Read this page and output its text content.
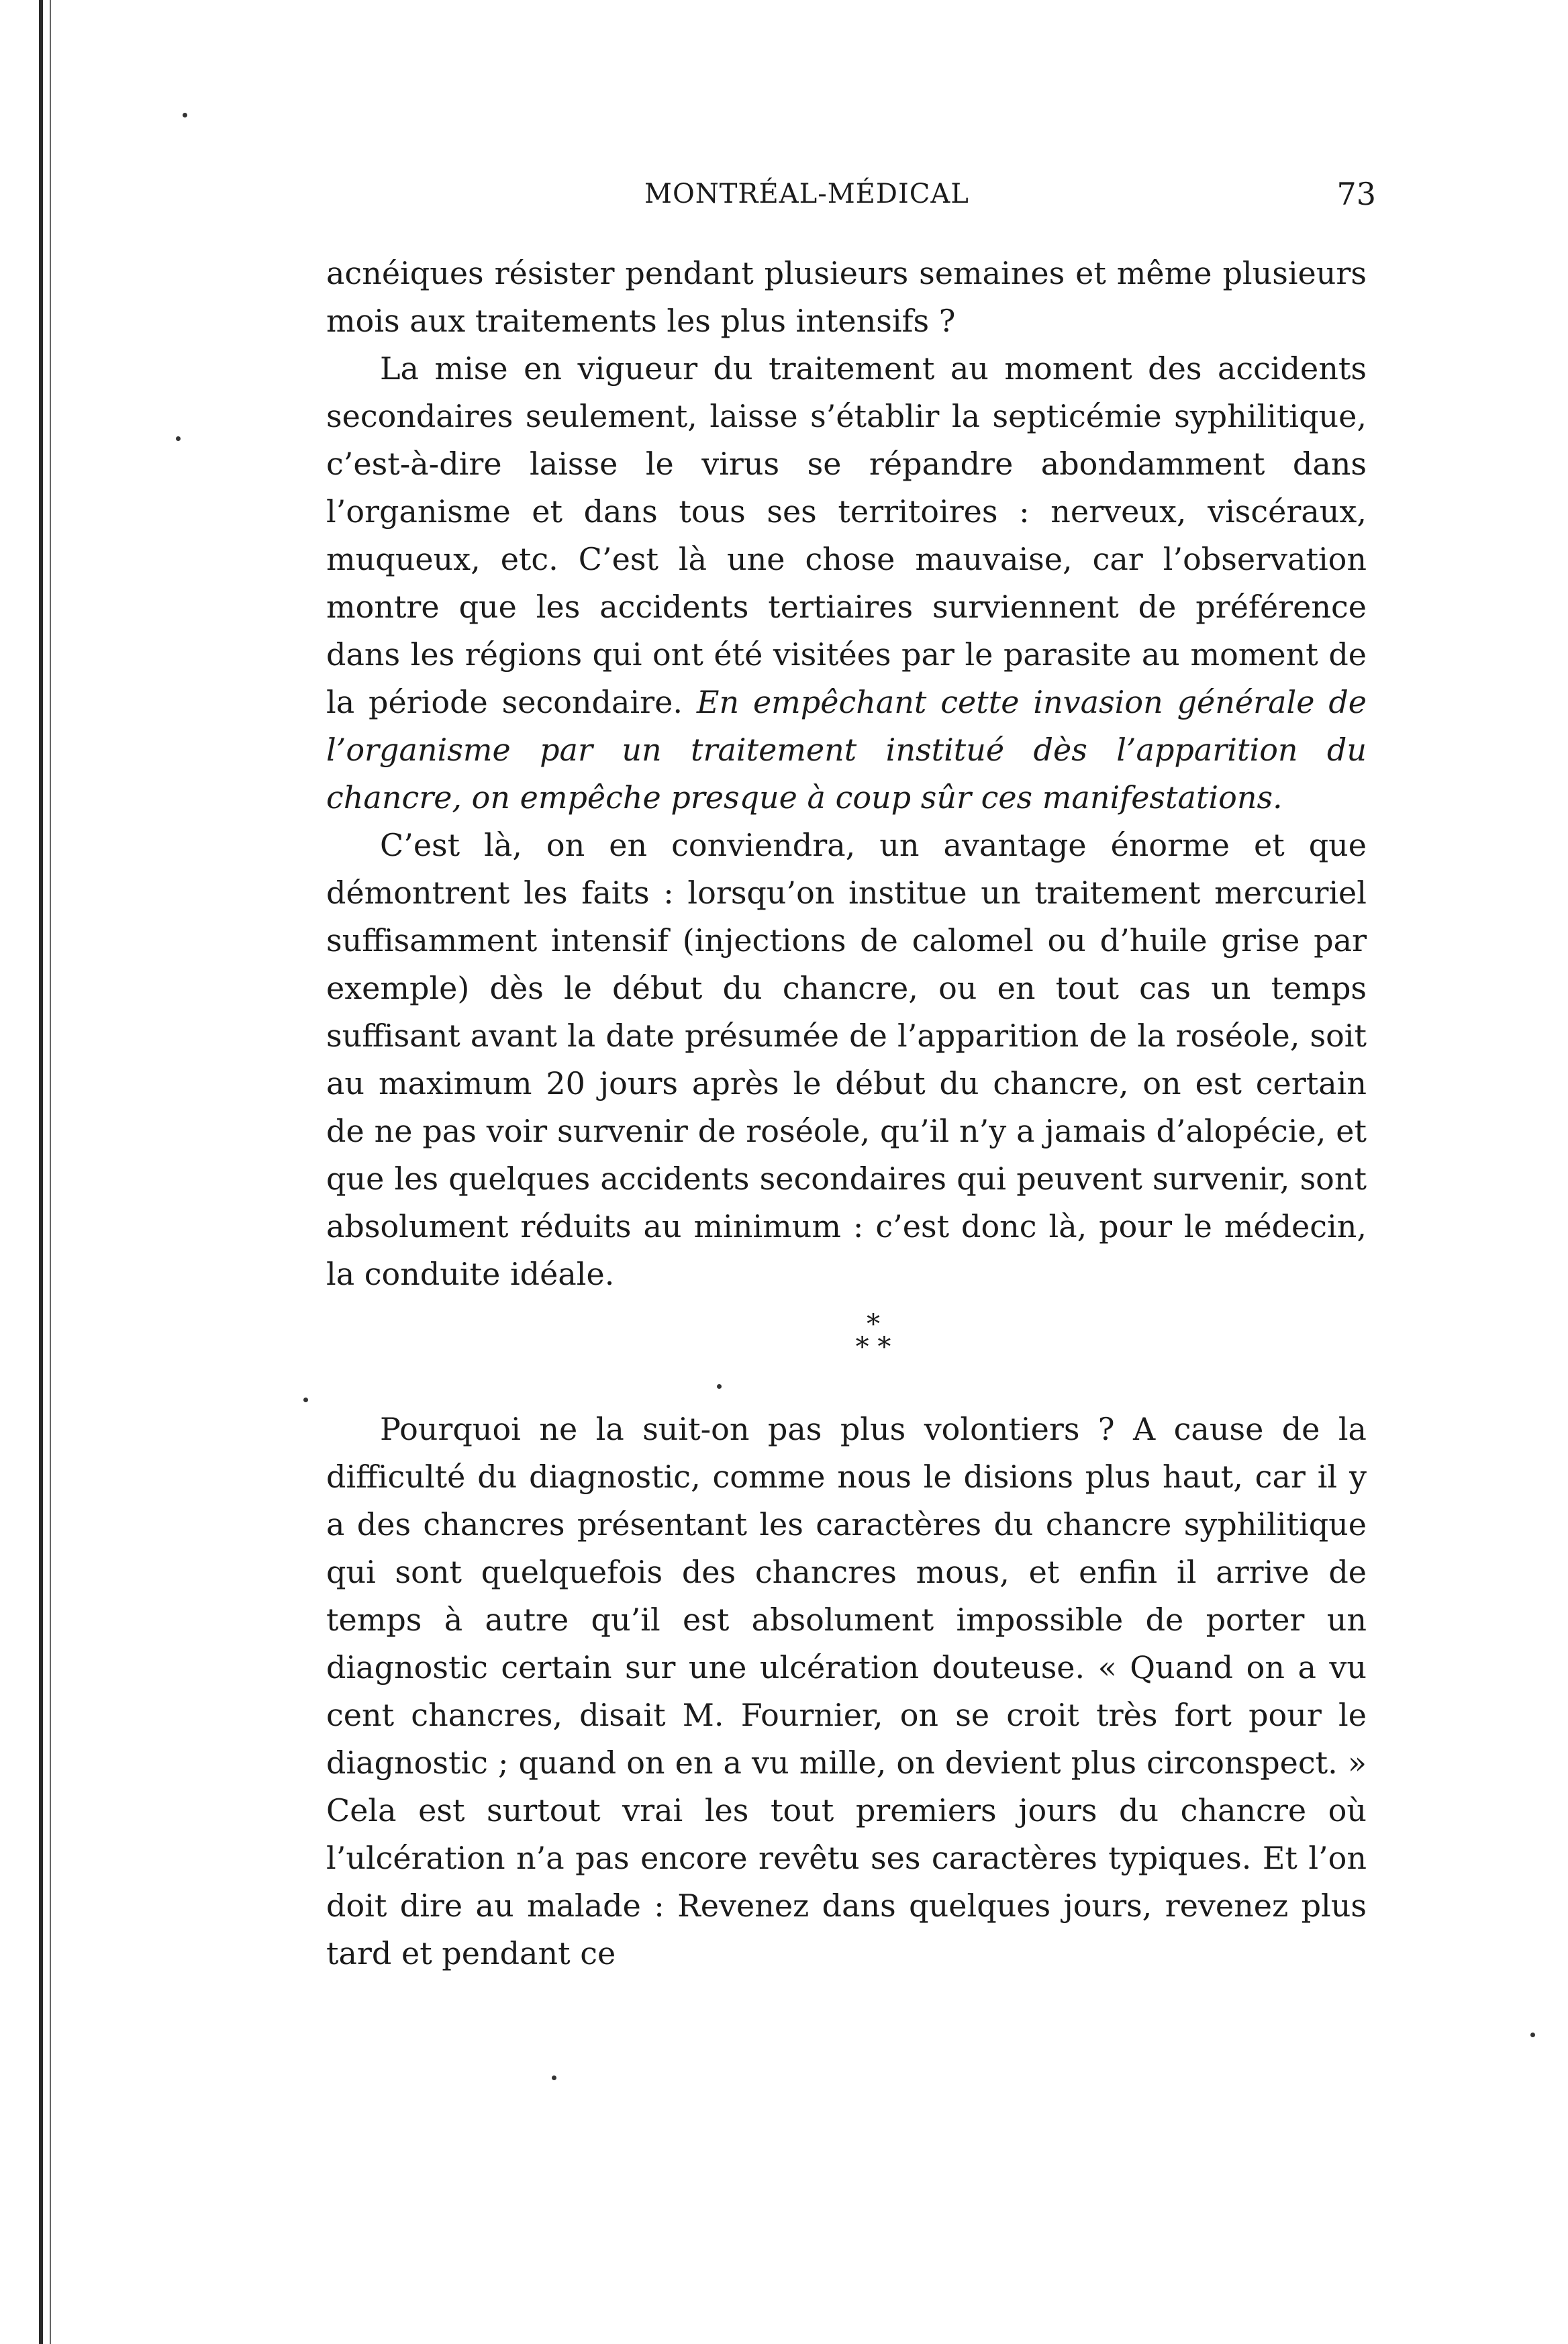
MONTRÉAL-MÉDICAL	73

acnéiques résister pendant plusieurs semaines et même plusieurs mois aux traitements les plus intensifs ?

La mise en vigueur du traitement au moment des accidents secondaires seulement, laisse s’établir la septicémie syphilitique, c’est-à-dire laisse le virus se répandre abondamment dans l’organisme et dans tous ses territoires : nerveux, viscéraux, muqueux, etc. C’est là une chose mauvaise, car l’observation montre que les accidents tertiaires surviennent de préférence dans les régions qui ont été visitées par le parasite au moment de la période secondaire. En empêchant cette invasion générale de l’organisme par un traitement institué dès l’apparition du chancre, on empêche presque à coup sûr ces manifestations.

C’est là, on en conviendra, un avantage énorme et que démontrent les faits : lorsqu’on institue un traitement mercuriel suffisamment intensif (injections de calomel ou d’huile grise par exemple) dès le début du chancre, ou en tout cas un temps suffisant avant la date présumée de l’apparition de la roséole, soit au maximum 20 jours après le début du chancre, on est certain de ne pas voir survenir de roséole, qu’il n’y a jamais d’alopécie, et que les quelques accidents secondaires qui peuvent survenir, sont absolument réduits au minimum : c’est donc là, pour le médecin, la conduite idéale.

*
* *

Pourquoi ne la suit-on pas plus volontiers ? A cause de la difficulté du diagnostic, comme nous le disions plus haut, car il y a des chancres présentant les caractères du chancre syphilitique qui sont quelquefois des chancres mous, et enfin il arrive de temps à autre qu’il est absolument impossible de porter un diagnostic certain sur une ulcération douteuse. « Quand on a vu cent chancres, disait M. Fournier, on se croit très fort pour le diagnostic ; quand on en a vu mille, on devient plus circonspect. » Cela est surtout vrai les tout premiers jours du chancre où l’ulcération n’a pas encore revêtu ses caractères typiques. Et l’on doit dire au malade : Revenez dans quelques jours, revenez plus tard et pendant ce
